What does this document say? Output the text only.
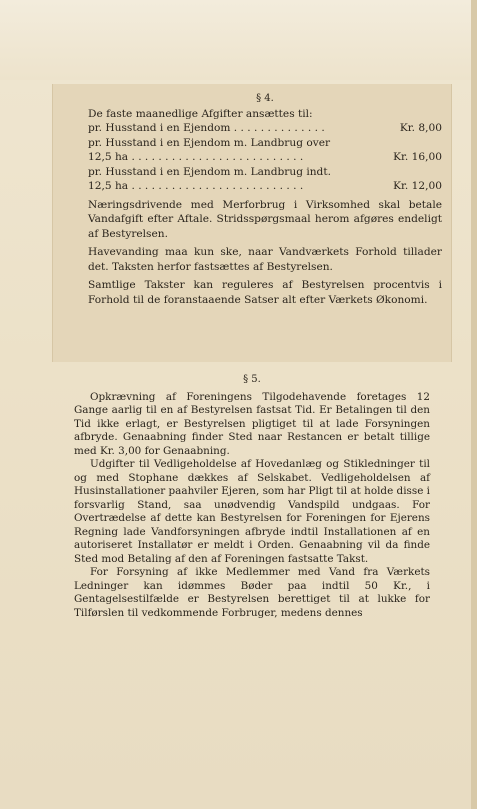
§ 4.

De faste maanedlige Afgifter ansættes til:

pr. Husstand i en Ejendom . . . . . . . . . . . . . .	Kr. 8,00

pr. Husstand i en Ejendom m. Landbrug over

12,5 ha . . . . . . . . . . . . . . . . . . . . . . . . . .	Kr. 16,00

pr. Husstand i en Ejendom m. Landbrug indt.

12,5 ha . . . . . . . . . . . . . . . . . . . . . . . . . .	Kr. 12,00

Næringsdrivende med Merforbrug i Virksomhed skal betale Vandafgift efter Aftale. Stridsspørgsmaal herom afgøres endeligt af Bestyrelsen.

Havevanding maa kun ske, naar Vandværkets Forhold tillader det. Taksten herfor fastsættes af Bestyrelsen.

Samtlige Takster kan reguleres af Bestyrelsen procentvis i Forhold til de foranstaaende Satser alt efter Værkets Økonomi.

§ 5.

Opkrævning af Foreningens Tilgodehavende foretages 12 Gange aarlig til en af Bestyrelsen fastsat Tid. Er Betalingen til den Tid ikke erlagt, er Bestyrelsen pligtiget til at lade Forsyningen afbryde. Genaabning finder Sted naar Restancen er betalt tillige med Kr. 3,00 for Genaabning.

Udgifter til Vedligeholdelse af Hovedanlæg og Stikledninger til og med Stophane dækkes af Selskabet. Vedligeholdelsen af Husinstallationer paahviler Ejeren, som har Pligt til at holde disse i forsvarlig Stand, saa unødvendig Vandspild undgaas. For Overtrædelse af dette kan Bestyrelsen for Foreningen for Ejerens Regning lade Vandforsyningen afbryde indtil Installationen af en autoriseret Installatør er meldt i Orden. Genaabning vil da finde Sted mod Betaling af den af Foreningen fastsatte Takst.

For Forsyning af ikke Medlemmer med Vand fra Værkets Ledninger kan idømmes Bøder paa indtil 50 Kr., i Gentagelsestilfælde er Bestyrelsen berettiget til at lukke for Tilførslen til vedkommende Forbruger, medens dennes
